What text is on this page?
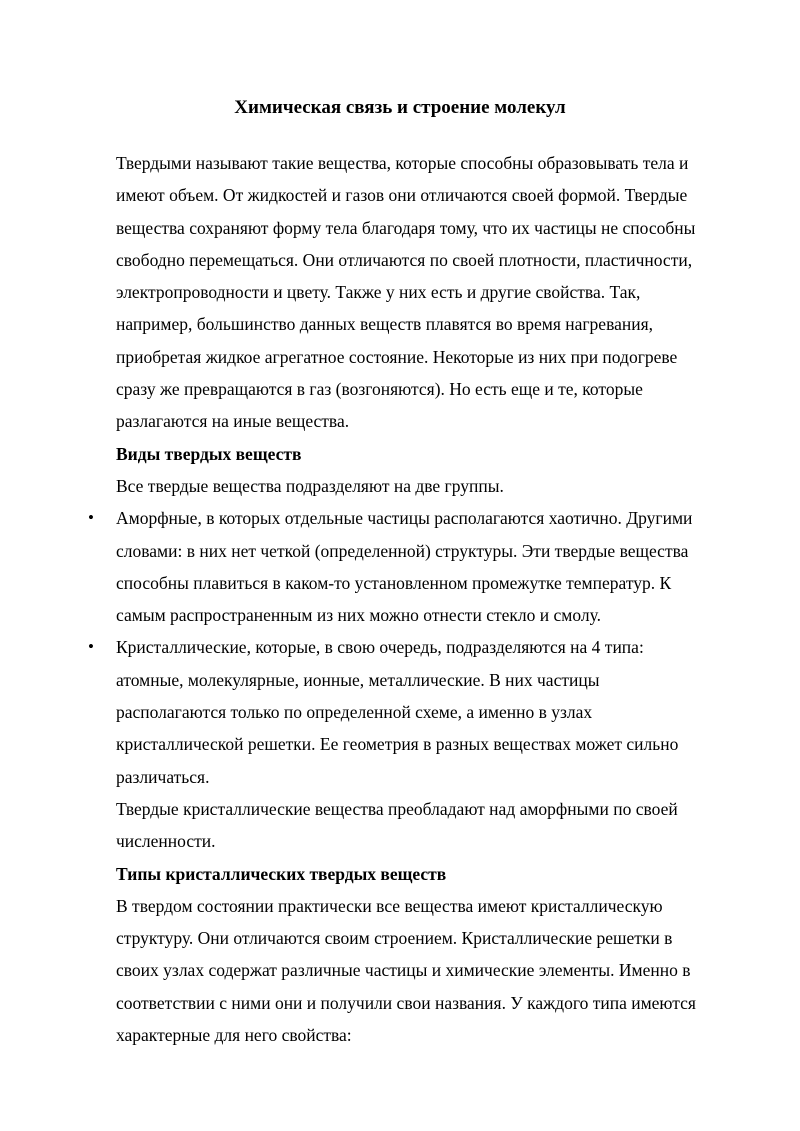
Химическая связь и строение молекул
Твердыми называют такие вещества, которые способны образовывать тела и
имеют объем. От жидкостей и газов они отличаются своей формой. Твердые
вещества сохраняют форму тела благодаря тому, что их частицы не способны
свободно перемещаться. Они отличаются по своей плотности, пластичности,
электропроводности и цвету. Также у них есть и другие свойства. Так,
например, большинство данных веществ плавятся во время нагревания,
приобретая жидкое агрегатное состояние. Некоторые из них при подогреве
сразу же превращаются в газ (возгоняются). Но есть еще и те, которые
разлагаются на иные вещества.
Виды твердых веществ
Все твердые вещества подразделяют на две группы.
• Аморфные, в которых отдельные частицы располагаются хаотично. Другими
словами: в них нет четкой (определенной) структуры. Эти твердые вещества
способны плавиться в каком-то установленном промежутке температур. К
самым распространенным из них можно отнести стекло и смолу.
• Кристаллические, которые, в свою очередь, подразделяются на 4 типа:
атомные, молекулярные, ионные, металлические. В них частицы
располагаются только по определенной схеме, а именно в узлах
кристаллической решетки. Ее геометрия в разных веществах может сильно
различаться.
Твердые кристаллические вещества преобладают над аморфными по своей
численности.
Типы кристаллических твердых веществ
В твердом состоянии практически все вещества имеют кристаллическую
структуру. Они отличаются своим строением. Кристаллические решетки в
своих узлах содержат различные частицы и химические элементы. Именно в
соответствии с ними они и получили свои названия. У каждого типа имеются
характерные для него свойства:
